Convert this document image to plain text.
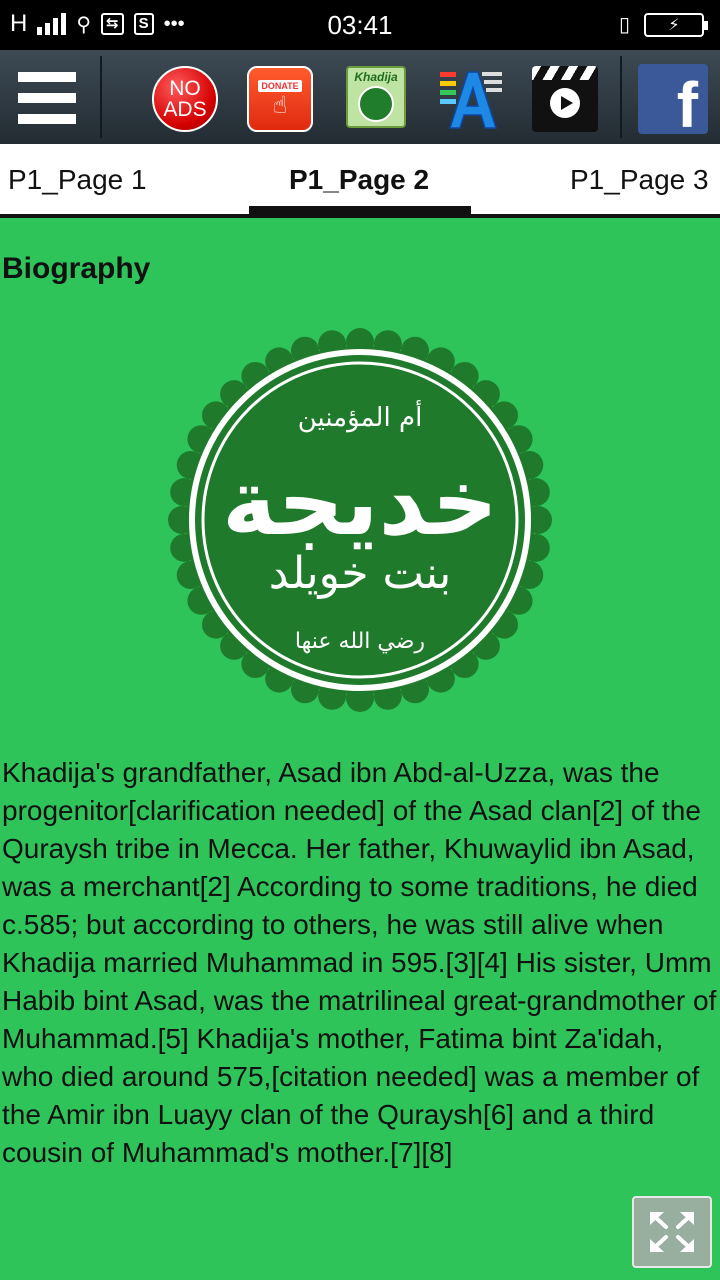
H ⚲	⇆	S •••	03:41	▯ ⚡
NO
ADS
DONATE
☝
Khadija	f
P1_Page 1	P1_Page 2	P1_Page 3
Biography
أم المؤمنين
خديجة
بنت خويلد
رضي الله عنها
Khadija's grandfather, Asad ibn Abd-al-Uzza, was the progenitor[clarification needed] of the Asad clan[2] of the Quraysh tribe in Mecca. Her father, Khuwaylid ibn Asad, was a merchant[2] According to some traditions, he died c.585; but according to others, he was still alive when Khadija married Muhammad in 595.[3][4] His sister, Umm Habib bint Asad, was the matrilineal great-grandmother of Muhammad.[5] Khadija's mother, Fatima bint Za'idah, who died around 575,[citation needed] was a member of the Amir ibn Luayy clan of the Quraysh[6] and a third cousin of Muhammad's mother.[7][8]
